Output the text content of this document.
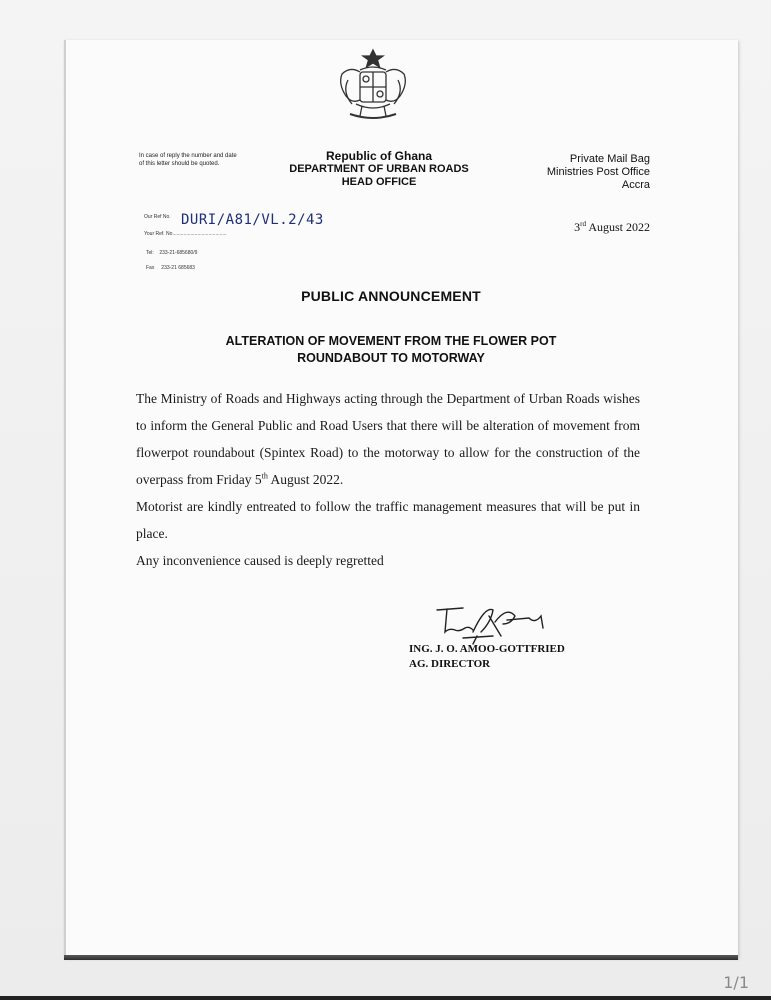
In case of reply the number and date of this letter should be quoted.
Republic of Ghana
DEPARTMENT OF URBAN ROADS
HEAD OFFICE
Private Mail Bag
Ministries Post Office
Accra
Our Ref No. DURI/A81/VL.2/43
Your Ref. No.......................................
Tel: 233-21-685680/9
Fax 233-21 685683
3rd August 2022
PUBLIC ANNOUNCEMENT
ALTERATION OF MOVEMENT FROM THE FLOWER POT
ROUNDABOUT TO MOTORWAY

The Ministry of Roads and Highways acting through the Department of Urban Roads wishes to inform the General Public and Road Users that there will be alteration of movement from flowerpot roundabout (Spintex Road) to the motorway to allow for the construction of the overpass from Friday 5th August 2022.

Motorist are kindly entreated to follow the traffic management measures that will be put in place.

Any inconvenience caused is deeply regretted

ING. J. O. AMOO-GOTTFRIED
AG. DIRECTOR
1/1
